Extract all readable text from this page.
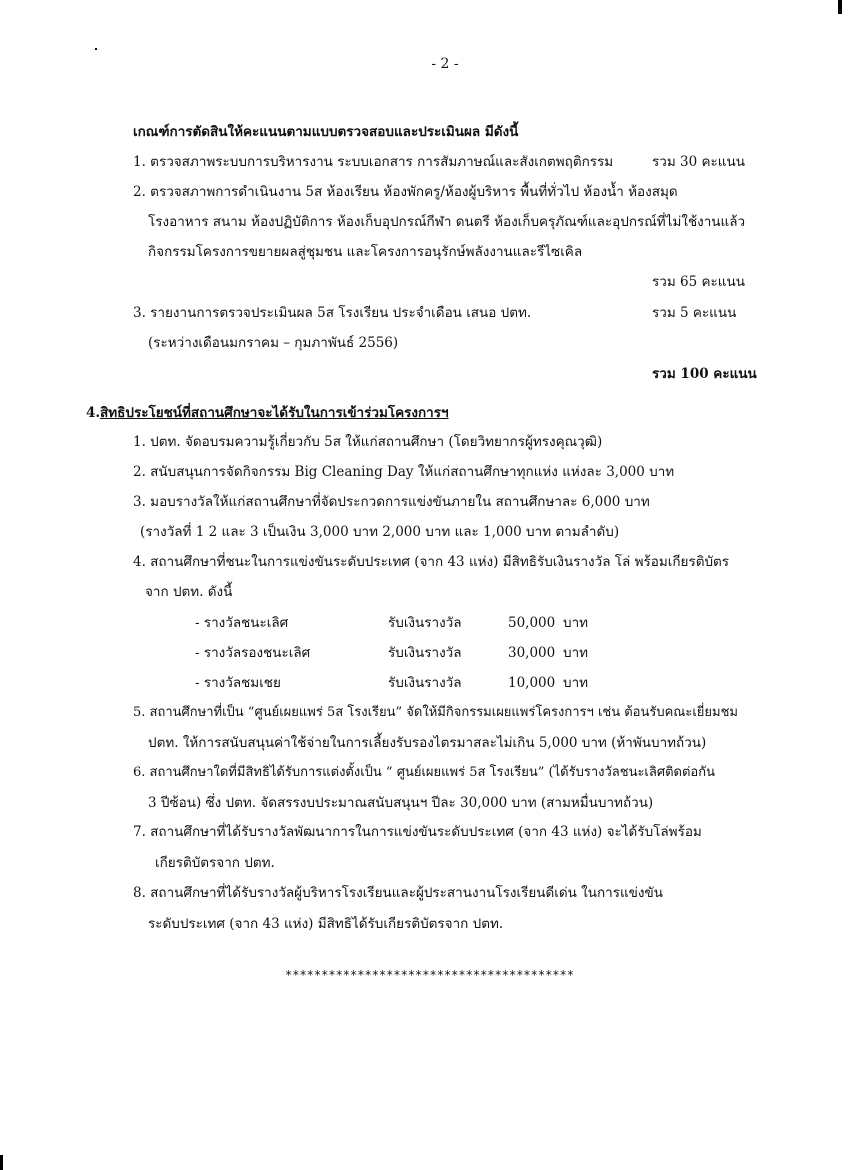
- 2 -
เกณฑ์การตัดสินให้คะแนนตามแบบตรวจสอบและประเมินผล มีดังนี้
1. ตรวจสภาพระบบการบริหารงาน ระบบเอกสาร การสัมภาษณ์และสังเกตพฤติกรรม	รวม 30 คะแนน
2. ตรวจสภาพการดำเนินงาน 5ส ห้องเรียน ห้องพักครู/ห้องผู้บริหาร พื้นที่ทั่วไป ห้องน้ำ ห้องสมุด
โรงอาหาร สนาม ห้องปฏิบัติการ ห้องเก็บอุปกรณ์กีฬา ดนตรี ห้องเก็บครุภัณฑ์และอุปกรณ์ที่ไม่ใช้งานแล้ว
กิจกรรมโครงการขยายผลสู่ชุมชน และโครงการอนุรักษ์พลังงานและรีไซเคิล
รวม 65 คะแนน
3. รายงานการตรวจประเมินผล 5ส โรงเรียน ประจำเดือน เสนอ ปตท.	รวม 5 คะแนน
(ระหว่างเดือนมกราคม – กุมภาพันธ์ 2556)
รวม 100 คะแนน
4. สิทธิประโยชน์ที่สถานศึกษาจะได้รับในการเข้าร่วมโครงการฯ
1. ปตท. จัดอบรมความรู้เกี่ยวกับ 5ส ให้แก่สถานศึกษา (โดยวิทยากรผู้ทรงคุณวุฒิ)
2. สนับสนุนการจัดกิจกรรม Big Cleaning Day ให้แก่สถานศึกษาทุกแห่ง แห่งละ 3,000 บาท
3. มอบรางวัลให้แก่สถานศึกษาที่จัดประกวดการแข่งขันภายใน สถานศึกษาละ 6,000 บาท
(รางวัลที่ 1 2 และ 3 เป็นเงิน 3,000 บาท 2,000 บาท และ 1,000 บาท ตามลำดับ)
4. สถานศึกษาที่ชนะในการแข่งขันระดับประเทศ (จาก 43 แห่ง) มีสิทธิรับเงินรางวัล โล่ พร้อมเกียรติบัตร
จาก ปตท. ดังนี้
- รางวัลชนะเลิศ	รับเงินรางวัล	50,000 บาท
- รางวัลรองชนะเลิศ	รับเงินรางวัล	30,000 บาท
- รางวัลชมเชย	รับเงินรางวัล	10,000 บาท
5. สถานศึกษาที่เป็น “ศูนย์เผยแพร่ 5ส โรงเรียน” จัดให้มีกิจกรรมเผยแพร่โครงการฯ เช่น ต้อนรับคณะเยี่ยมชม
ปตท. ให้การสนับสนุนค่าใช้จ่ายในการเลี้ยงรับรองไตรมาสละไม่เกิน 5,000 บาท (ห้าพันบาทถ้วน)
6. สถานศึกษาใดที่มีสิทธิได้รับการแต่งตั้งเป็น “ ศูนย์เผยแพร่ 5ส โรงเรียน” (ได้รับรางวัลชนะเลิศติดต่อกัน
3 ปีซ้อน) ซึ่ง ปตท. จัดสรรงบประมาณสนับสนุนฯ ปีละ 30,000 บาท (สามหมื่นบาทถ้วน)
7. สถานศึกษาที่ได้รับรางวัลพัฒนาการในการแข่งขันระดับประเทศ (จาก 43 แห่ง) จะได้รับโล่พร้อม
เกียรติบัตรจาก ปตท.
8. สถานศึกษาที่ได้รับรางวัลผู้บริหารโรงเรียนและผู้ประสานงานโรงเรียนดีเด่น ในการแข่งขัน
ระดับประเทศ (จาก 43 แห่ง) มีสิทธิได้รับเกียรติบัตรจาก ปตท.
****************************************
